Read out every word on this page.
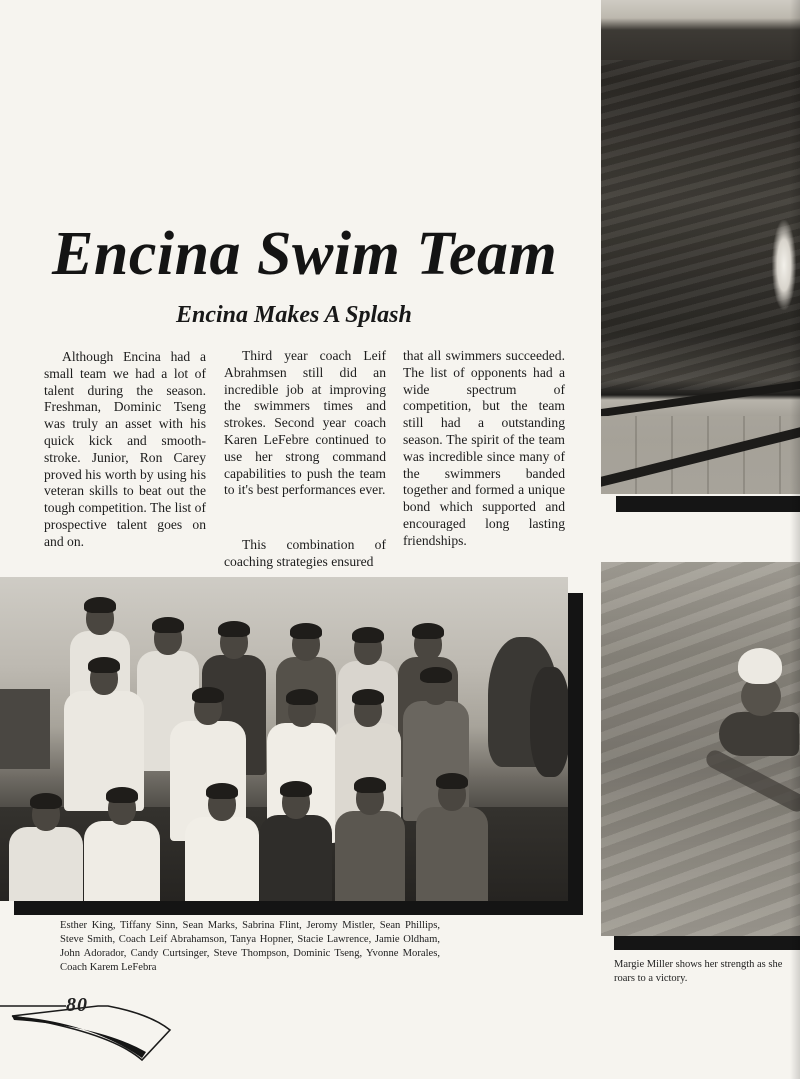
Encina Swim Team
Encina Makes A Splash

Although Encina had a small team we had a lot of talent during the season. Freshman, Dominic Tseng was truly an asset with his quick kick and smooth-stroke. Junior, Ron Carey proved his worth by using his veteran skills to beat out the tough competition. The list of prospective talent goes on and on.

Third year coach Leif Abrahmsen still did an incredible job at improving the swimmers times and strokes. Second year coach Karen LeFebre continued to use her strong command capabilities to push the team to it's best performances ever.

This combination of coaching strategies ensured

that all swimmers succeeded. The list of opponents had a wide spectrum of competition, but the team still had a outstanding season. The spirit of the team was incredible since many of the swimmers banded together and formed a unique bond which supported and encouraged long lasting friendships.

Margie Miller shows her strength as she roars to a victory.

Esther King, Tiffany Sinn, Sean Marks, Sabrina Flint, Jeromy Mistler, Sean Phillips, Steve Smith, Coach Leif Abrahamson, Tanya Hopner, Stacie Lawrence, Jamie Oldham, John Adorador, Candy Curtsinger, Steve Thompson, Dominic Tseng, Yvonne Morales, Coach Karem LeFebra

80
